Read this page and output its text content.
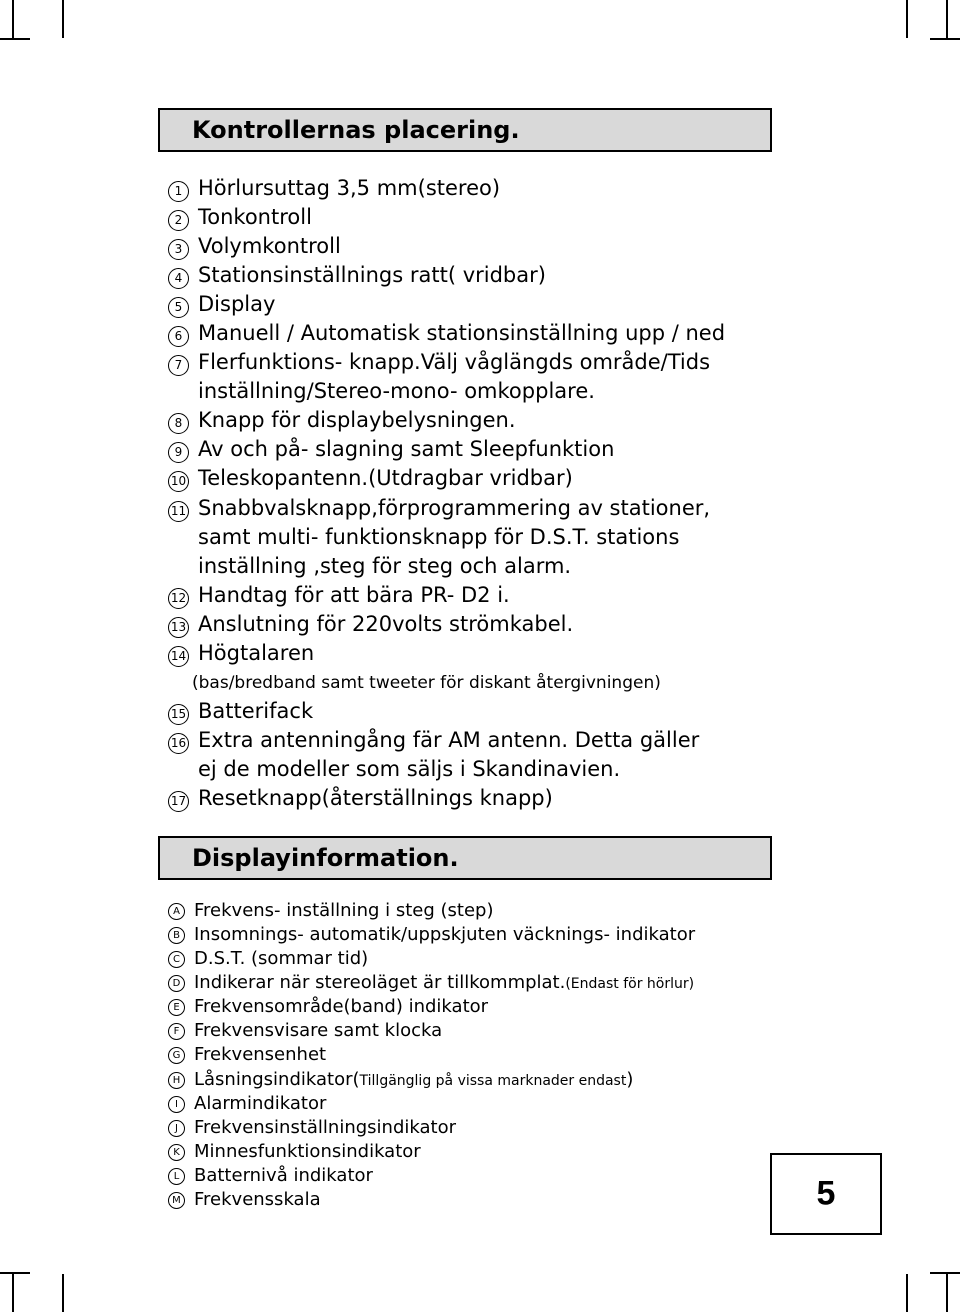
Kontrollernas placering.
1 Hörlursuttag 3,5 mm(stereo)
2 Tonkontroll
3 Volymkontroll
4 Stationsinställnings ratt( vridbar)
5 Display
6 Manuell / Automatisk stationsinställning upp / ned
7 Flerfunktions- knapp.Välj våglängds område/Tids
inställning/Stereo-mono- omkopplare.
8 Knapp för displaybelysningen.
9 Av och på- slagning samt Sleepfunktion
10 Teleskopantenn.(Utdragbar vridbar)
11 Snabbvalsknapp,förprogrammering av stationer,
samt multi- funktionsknapp för D.S.T. stations
inställning ,steg för steg och alarm.
12 Handtag för att bära PR- D2 i.
13 Anslutning för 220volts strömkabel.
14 Högtalaren
(bas/bredband samt tweeter för diskant återgivningen)
15 Batterifack
16 Extra antenningång fär AM antenn. Detta gäller
ej de modeller som säljs i Skandinavien.
17 Resetknapp(återställnings knapp)
Displayinformation.
A Frekvens- inställning i steg (step)
B Insomnings- automatik/uppskjuten väcknings- indikator
C D.S.T. (sommar tid)
D Indikerar när stereoläget är tillkommplat.(Endast för hörlur)
E Frekvensområde(band) indikator
F Frekvensvisare samt klocka
G Frekvensenhet
H Låsningsindikator(Tillgänglig på vissa marknader endast)
I Alarmindikator
J Frekvensinställningsindikator
K Minnesfunktionsindikator
L Batternivå indikator
M Frekvensskala	5
